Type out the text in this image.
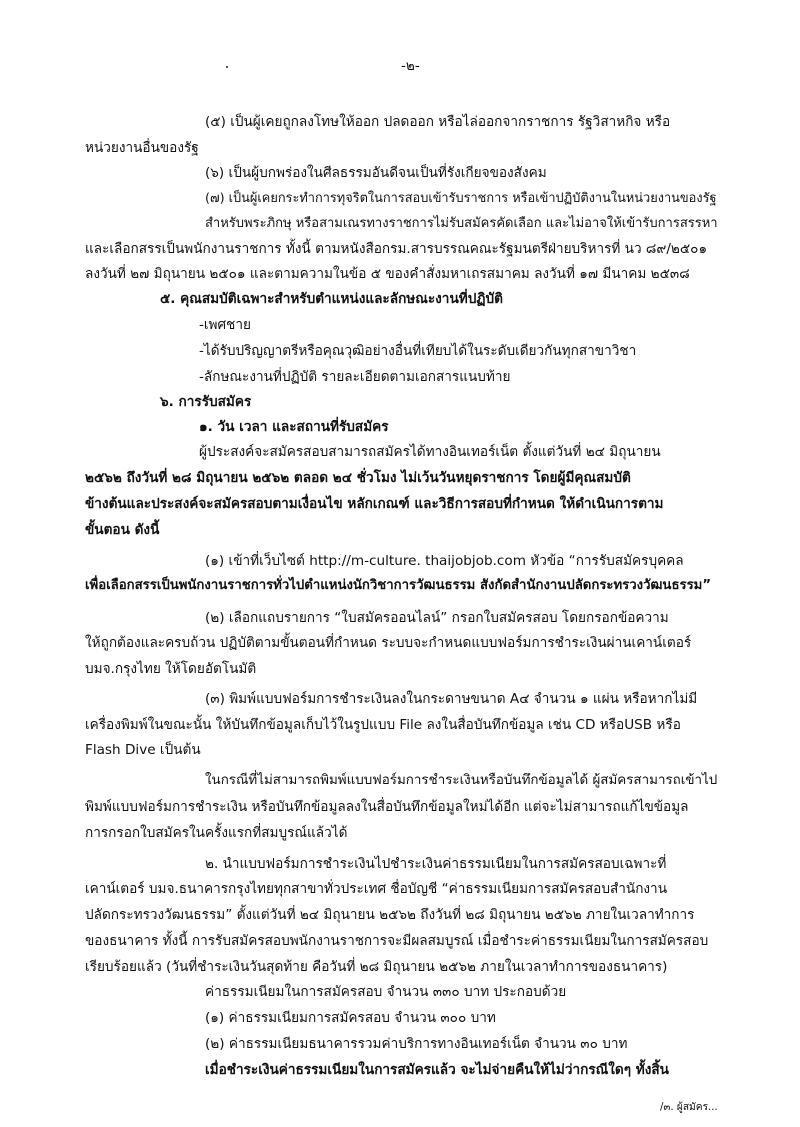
-๒-
(๕) เป็นผู้เคยถูกลงโทษให้ออก ปลดออก หรือไล่ออกจากราชการ รัฐวิสาหกิจ หรือ
หน่วยงานอื่นของรัฐ
(๖) เป็นผู้บกพร่องในศีลธรรมอันดีจนเป็นที่รังเกียจของสังคม
(๗) เป็นผู้เคยกระทำการทุจริตในการสอบเข้ารับราชการ หรือเข้าปฏิบัติงานในหน่วยงานของรัฐ
สำหรับพระภิกษุ หรือสามเณรทางราชการไม่รับสมัครคัดเลือก และไม่อาจให้เข้ารับการสรรหา
และเลือกสรรเป็นพนักงานราชการ ทั้งนี้ ตามหนังสือกรม.สารบรรณคณะรัฐมนตรีฝ่ายบริหารที่ นว ๘๙/๒๕๐๑
ลงวันที่ ๒๗ มิถุนายน ๒๕๐๑ และตามความในข้อ ๕ ของคำสั่งมหาเถรสมาคม ลงวันที่ ๑๗ มีนาคม ๒๕๓๘
๕. คุณสมบัติเฉพาะสำหรับตำแหน่งและลักษณะงานที่ปฏิบัติ
-เพศชาย
-ได้รับปริญญาตรีหรือคุณวุฒิอย่างอื่นที่เทียบได้ในระดับเดียวกันทุกสาขาวิชา
-ลักษณะงานที่ปฏิบัติ รายละเอียดตามเอกสารแนบท้าย
๖. การรับสมัคร
๑. วัน เวลา และสถานที่รับสมัคร
ผู้ประสงค์จะสมัครสอบสามารถสมัครได้ทางอินเทอร์เน็ต ตั้งแต่วันที่ ๒๔ มิถุนายน
๒๕๖๒ ถึงวันที่ ๒๘ มิถุนายน ๒๕๖๒ ตลอด ๒๔ ชั่วโมง ไม่เว้นวันหยุดราชการ โดยผู้มีคุณสมบัติ
ข้างต้นและประสงค์จะสมัครสอบตามเงื่อนไข หลักเกณฑ์ และวิธีการสอบที่กำหนด ให้ดำเนินการตาม
ขั้นตอน ดังนี้
(๑) เข้าที่เว็บไซต์ http://m-culture. thaijobjob.com หัวข้อ “การรับสมัครบุคคล
เพื่อเลือกสรรเป็นพนักงานราชการทั่วไปตำแหน่งนักวิชาการวัฒนธรรม สังกัดสำนักงานปลัดกระทรวงวัฒนธรรม”
(๒) เลือกแถบรายการ “ใบสมัครออนไลน์” กรอกใบสมัครสอบ โดยกรอกข้อความ
ให้ถูกต้องและครบถ้วน ปฏิบัติตามขั้นตอนที่กำหนด ระบบจะกำหนดแบบฟอร์มการชำระเงินผ่านเคาน์เตอร์
บมจ.กรุงไทย ให้โดยอัตโนมัติ
(๓) พิมพ์แบบฟอร์มการชำระเงินลงในกระดาษขนาด A๔ จำนวน ๑ แผ่น หรือหากไม่มี
เครื่องพิมพ์ในขณะนั้น ให้บันทึกข้อมูลเก็บไว้ในรูปแบบ File ลงในสื่อบันทึกข้อมูล เช่น CD หรือUSB หรือ
Flash Dive เป็นต้น
ในกรณีที่ไม่สามารถพิมพ์แบบฟอร์มการชำระเงินหรือบันทึกข้อมูลได้ ผู้สมัครสามารถเข้าไป
พิมพ์แบบฟอร์มการชำระเงิน หรือบันทึกข้อมูลลงในสื่อบันทึกข้อมูลใหม่ได้อีก แต่จะไม่สามารถแก้ไขข้อมูล
การกรอกใบสมัครในครั้งแรกที่สมบูรณ์แล้วได้
๒. นำแบบฟอร์มการชำระเงินไปชำระเงินค่าธรรมเนียมในการสมัครสอบเฉพาะที่
เคาน์เตอร์ บมจ.ธนาคารกรุงไทยทุกสาขาทั่วประเทศ ชื่อบัญชี “ค่าธรรมเนียมการสมัครสอบสำนักงาน
ปลัดกระทรวงวัฒนธรรม” ตั้งแต่วันที่ ๒๔ มิถุนายน ๒๕๖๒ ถึงวันที่ ๒๘ มิถุนายน ๒๕๖๒ ภายในเวลาทำการ
ของธนาคาร ทั้งนี้ การรับสมัครสอบพนักงานราชการจะมีผลสมบูรณ์ เมื่อชำระค่าธรรมเนียมในการสมัครสอบ
เรียบร้อยแล้ว (วันที่ชำระเงินวันสุดท้าย คือวันที่ ๒๘ มิถุนายน ๒๕๖๒ ภายในเวลาทำการของธนาคาร)
ค่าธรรมเนียมในการสมัครสอบ จำนวน ๓๓๐ บาท ประกอบด้วย
(๑) ค่าธรรมเนียมการสมัครสอบ จำนวน ๓๐๐ บาท
(๒) ค่าธรรมเนียมธนาคารรวมค่าบริการทางอินเทอร์เน็ต จำนวน ๓๐ บาท
เมื่อชำระเงินค่าธรรมเนียมในการสมัครแล้ว จะไม่จ่ายคืนให้ไม่ว่ากรณีใดๆ ทั้งสิ้น
/๓. ผู้สมัคร...
